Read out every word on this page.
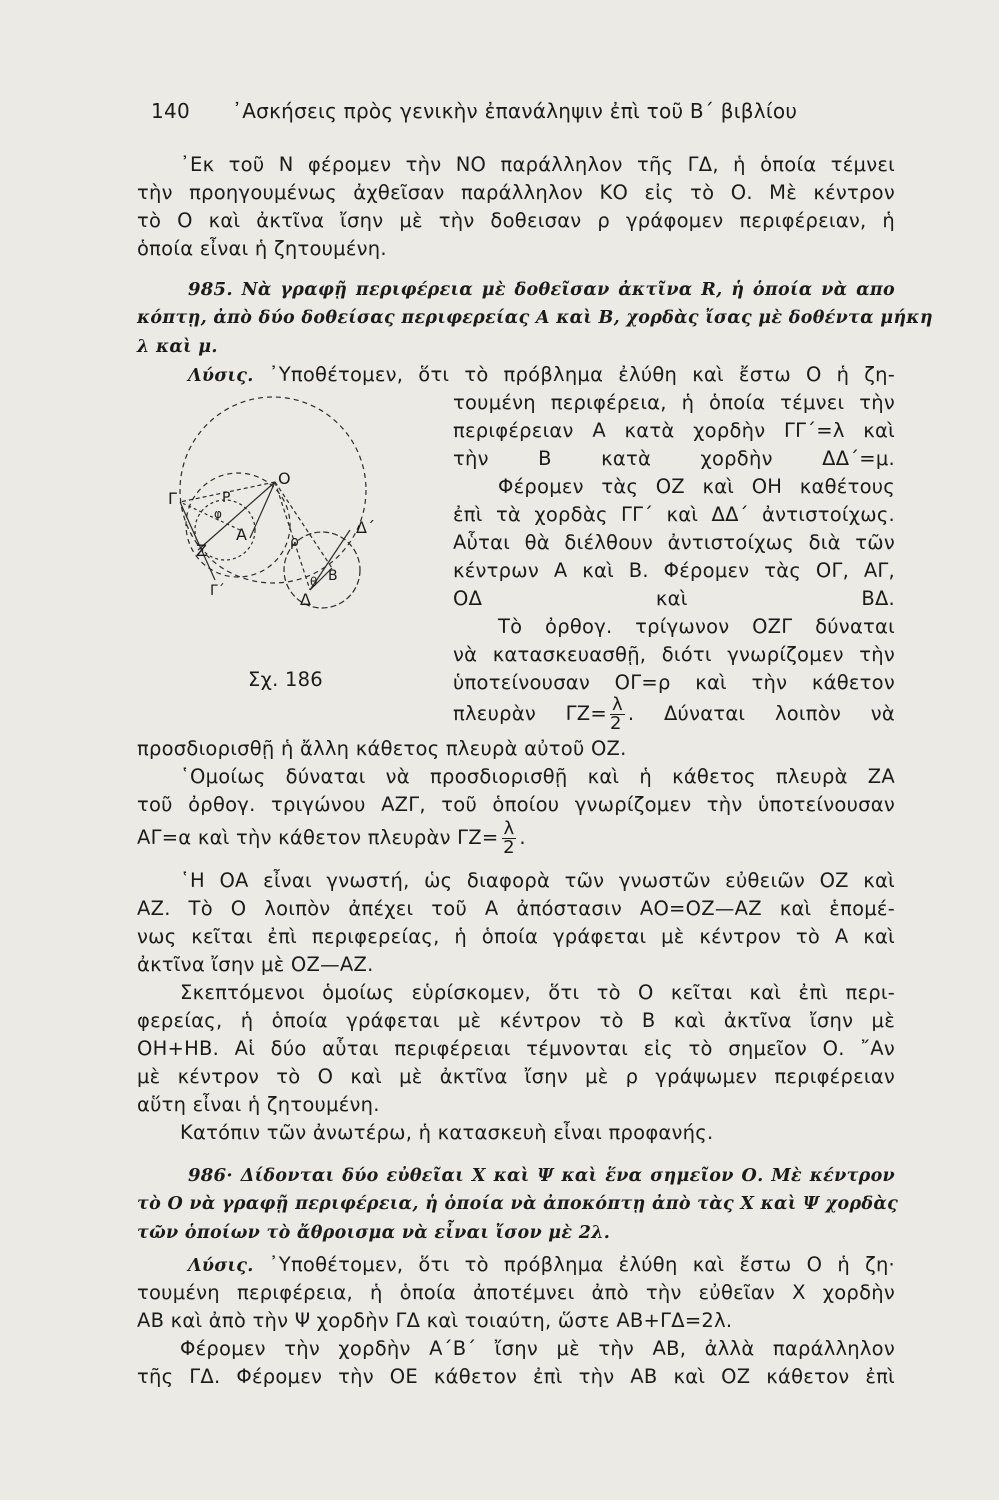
140 ᾿Ασκήσεις πρὸς γενικὴν ἐπανάληψιν ἐπὶ τοῦ Β΄ βιβλίου
᾿Εκ τοῦ Ν φέρομεν τὴν ΝΟ παράλληλον τῆς ΓΔ, ἡ ὁποία τέμνει
τὴν προηγουμένως ἀχθεῖσαν παράλληλον ΚΟ εἰς τὸ Ο. Μὲ κέντρον
τὸ Ο καὶ ἀκτῖνα ἴσην μὲ τὴν δοθεισαν ρ γράφομεν περιφέρειαν, ἡ
ὁποία εἶναι ἡ ζητουμένη.
985. Νὰ γραφῇ περιφέρεια μὲ δοθεῖσαν ἀκτῖνα R, ἡ ὁποία νὰ απο
κόπτῃ, ἀπὸ δύο δοθείσας περιφερείας Α καὶ Β, χορδὰς ἴσας μὲ δοθέντα μήκη
λ καὶ μ.
Λύσις. ᾿Υποθέτομεν, ὅτι τὸ πρόβλημα ἐλύθη καὶ ἔστω Ο ἡ ζη-
τουμένη περιφέρεια, ἡ ὁποία τέμνει τὴν
περιφέρειαν Α κατὰ χορδὴν ΓΓ΄=λ καὶ
τὴν Β κατὰ χορδὴν ΔΔ΄=μ.
Φέρομεν τὰς ΟΖ καὶ ΟΗ καθέτους
ἐπὶ τὰ χορδὰς ΓΓ΄ καὶ ΔΔ΄ ἀντιστοίχως.
Αὗται θὰ διέλθουν ἀντιστοίχως διὰ τῶν
κέντρων Α καὶ Β. Φέρομεν τὰς ΟΓ, ΑΓ,
ΟΔ καὶ ΒΔ.
Τὸ ὀρθογ. τρίγωνον ΟΖΓ δύναται
νὰ κατασκευασθῇ, διότι γνωρίζομεν τὴν
ὑποτείνουσαν ΟΓ=ρ καὶ τὴν κάθετον
πλευρὰν $\Gamma Z= \frac{\lambda}{2}$ . Δύναται λοιπὸν νὰ
Σχ. 186
Ο
Ρ
ρ
Γ
Γ΄
Ζ
Α
Β
Δ
Δ΄
θ
φ
προσδιορισθῇ ἡ ἄλλη κάθετος πλευρὰ αὐτοῦ ΟΖ.
῾Ομοίως δύναται νὰ προσδιορισθῇ καὶ ἡ κάθετος πλευρὰ ΖΑ
τοῦ ὀρθογ. τριγώνου ΑΖΓ, τοῦ ὁποίου γνωρίζομεν τὴν ὑποτείνουσαν
ΑΓ=α καὶ τὴν κάθετον πλευρὰν $\Gamma Z= \frac{\lambda}{2}$ .
῾Η ΟΑ εἶναι γνωστή, ὡς διαφορὰ τῶν γνωστῶν εὐθειῶν ΟΖ καὶ
ΑΖ. Τὸ Ο λοιπὸν ἀπέχει τοῦ Α ἀπόστασιν ΑΟ=ΟΖ—ΑΖ καὶ ἑπομέ-
νως κεῖται ἐπὶ περιφερείας, ἡ ὁποία γράφεται μὲ κέντρον τὸ Α καὶ
ἀκτῖνα ἴσην μὲ ΟΖ—ΑΖ.
Σκεπτόμενοι ὁμοίως εὑρίσκομεν, ὅτι τὸ Ο κεῖται καὶ ἐπὶ περι-
φερείας, ἡ ὁποία γράφεται μὲ κέντρον τὸ Β καὶ ἀκτῖνα ἴσην μὲ
ΟΗ+ΗΒ. Αἱ δύο αὗται περιφέρειαι τέμνονται εἰς τὸ σημεῖον Ο. ῎Αν
μὲ κέντρον τὸ Ο καὶ μὲ ἀκτῖνα ἴσην μὲ ρ γράψωμεν περιφέρειαν
αὕτη εἶναι ἡ ζητουμένη.
Κατόπιν τῶν ἀνωτέρω, ἡ κατασκευὴ εἶναι προφανής.
986· Δίδονται δύο εὐθεῖαι Χ καὶ Ψ καὶ ἕνα σημεῖον Ο. Μὲ κέντρον
τὸ Ο νὰ γραφῇ περιφέρεια, ἡ ὁποία νὰ ἀποκόπτῃ ἀπὸ τὰς Χ καὶ Ψ χορδὰς
τῶν ὁποίων τὸ ἄθροισμα νὰ εἶναι ἴσον μὲ 2λ.
Λύσις. ᾿Υποθέτομεν, ὅτι τὸ πρόβλημα ἐλύθη καὶ ἔστω Ο ἡ ζη·
τουμένη περιφέρεια, ἡ ὁποία ἀποτέμνει ἀπὸ τὴν εὐθεῖαν Χ χορδὴν
ΑΒ καὶ ἀπὸ τὴν Ψ χορδὴν ΓΔ καὶ τοιαύτη, ὥστε ΑΒ+ΓΔ=2λ.
Φέρομεν τὴν χορδὴν Α΄Β΄ ἴσην μὲ τὴν ΑΒ, ἀλλὰ παράλληλον
τῆς ΓΔ. Φέρομεν τὴν ΟΕ κάθετον ἐπὶ τὴν ΑΒ καὶ ΟΖ κάθετον ἐπὶ
